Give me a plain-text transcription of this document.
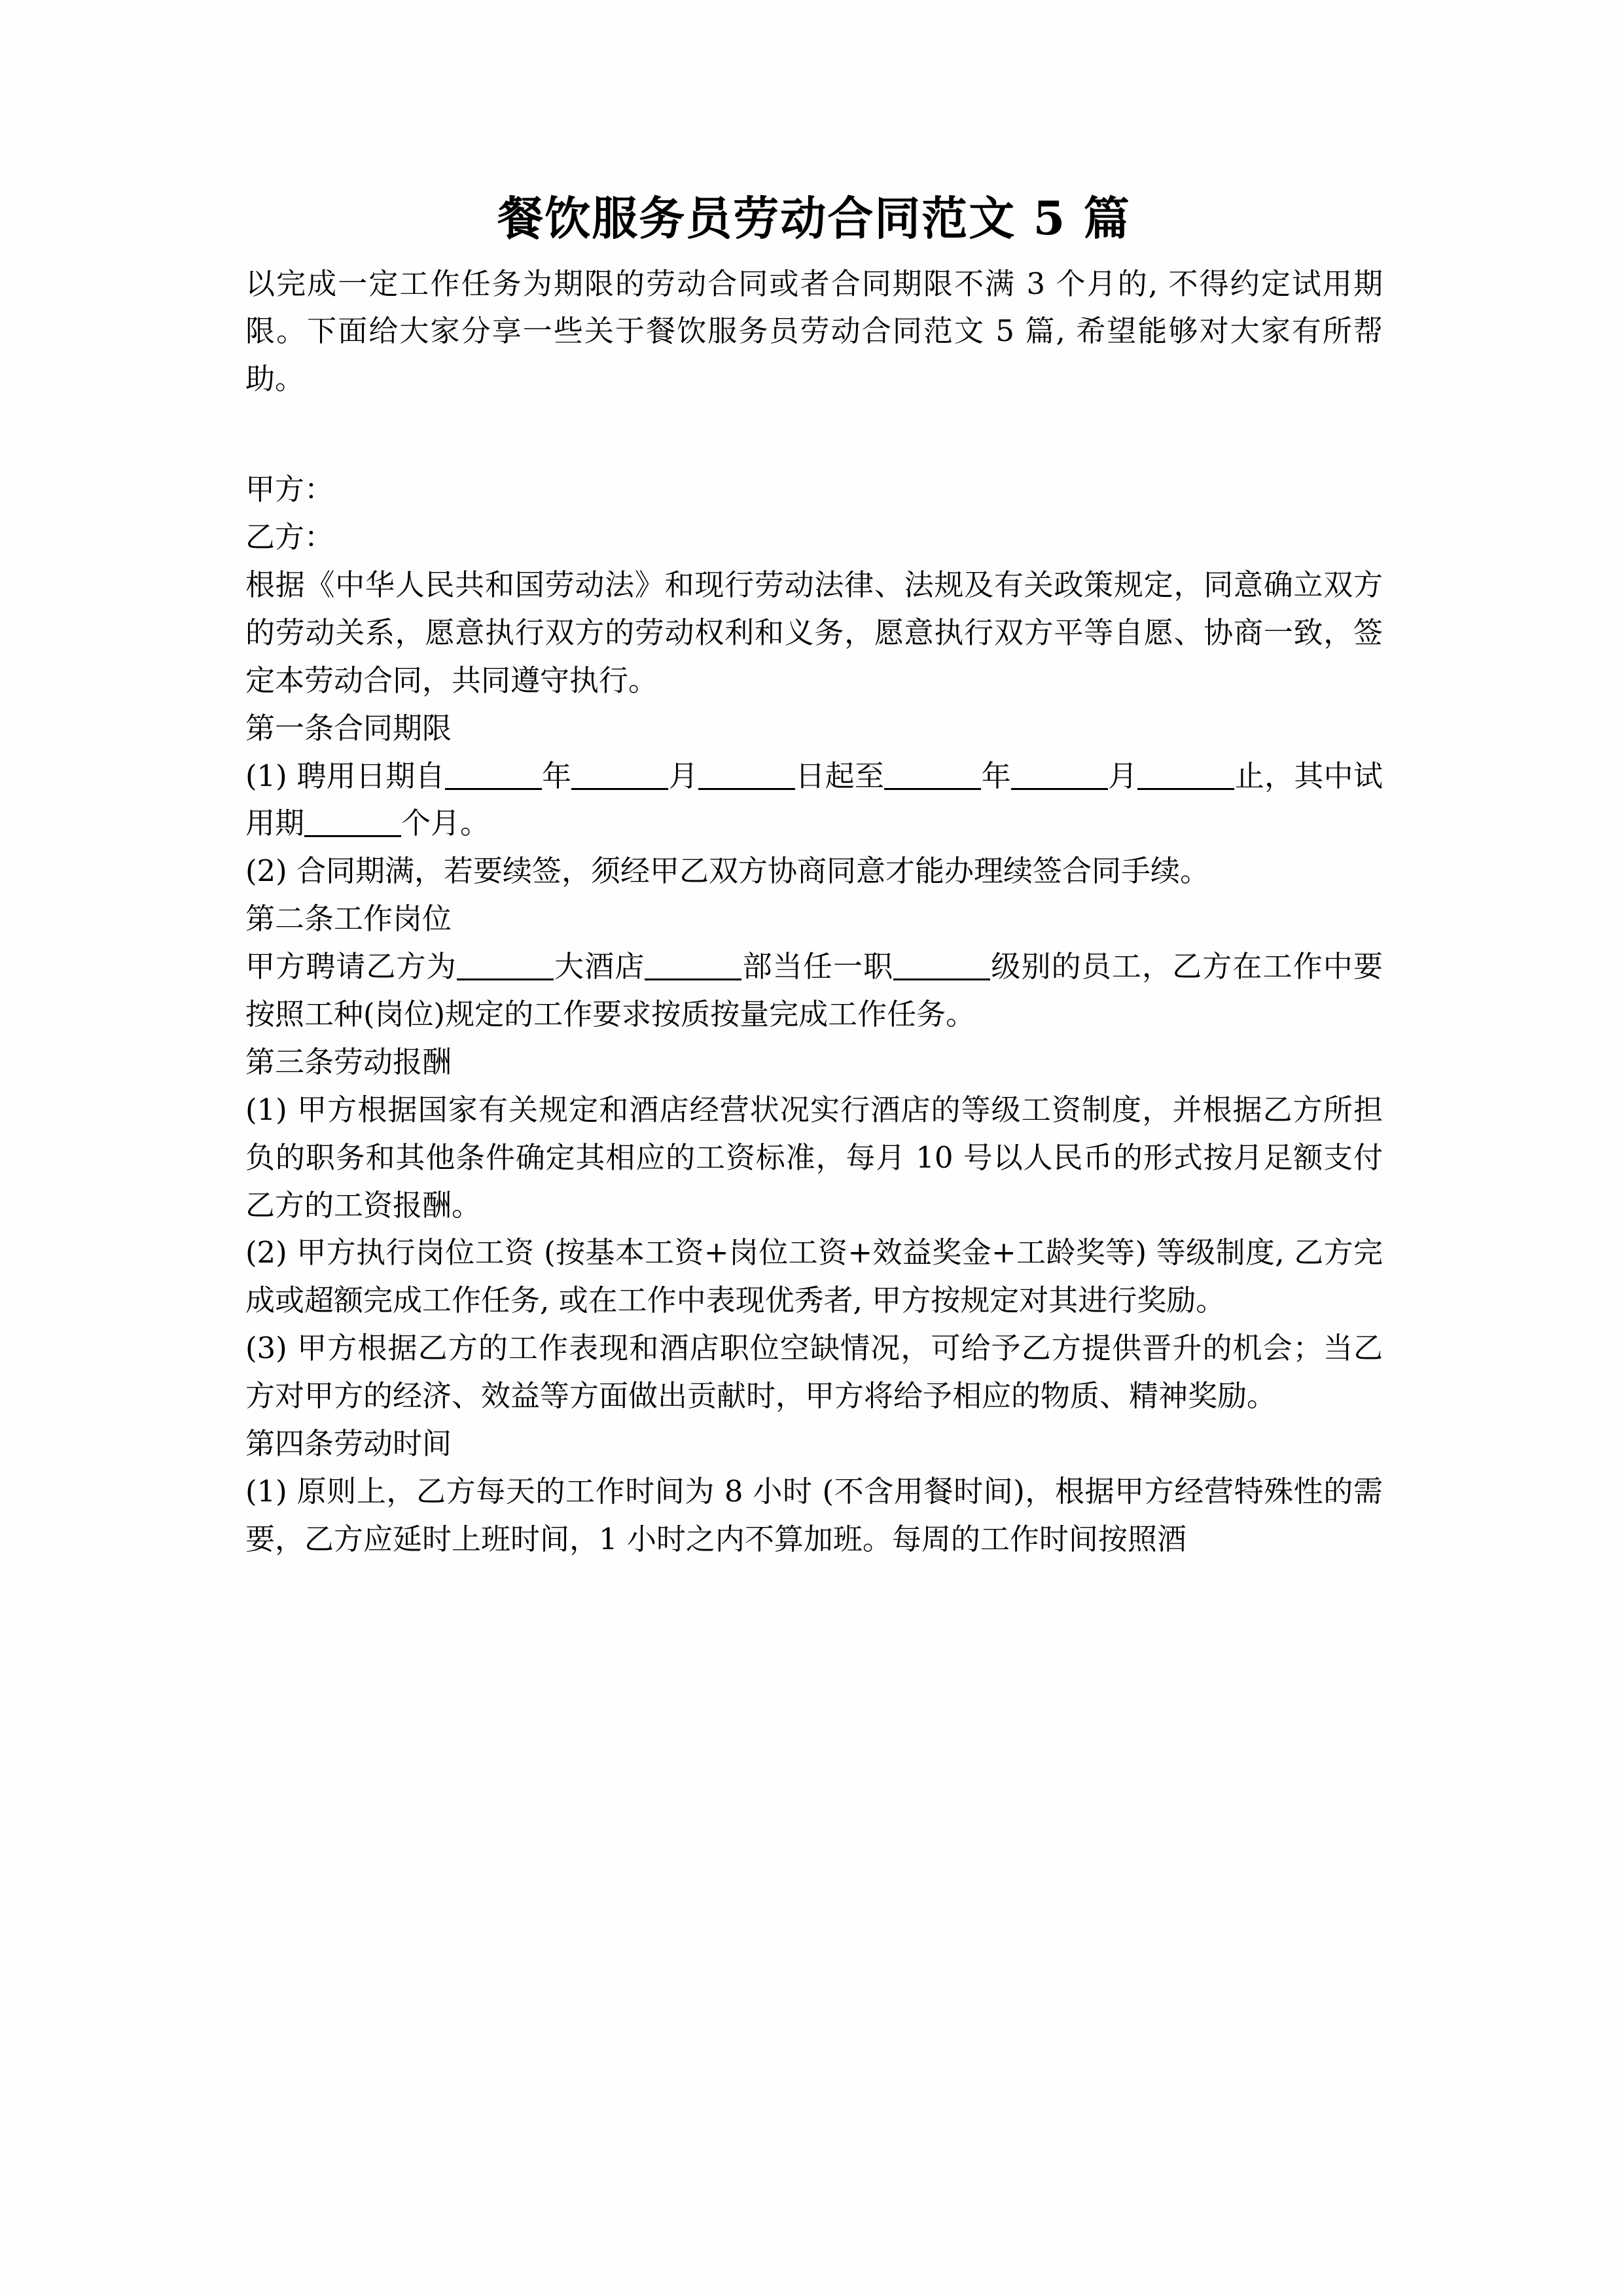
餐饮服务员劳动合同范文 5 篇

以完成一定工作任务为期限的劳动合同或者合同期限不满 3 个月的, 不得约定试用期限。下面给大家分享一些关于餐饮服务员劳动合同范文 5 篇, 希望能够对大家有所帮助。

甲方：

乙方：

根据《中华人民共和国劳动法》和现行劳动法律、法规及有关政策规定，同意确立双方的劳动关系，愿意执行双方的劳动权利和义务，愿意执行双方平等自愿、协商一致，签定本劳动合同，共同遵守执行。

第一条合同期限

(1) 聘用日期自	年	月	日起至	年	月	止，其中试用期	个月。

(2) 合同期满，若要续签，须经甲乙双方协商同意才能办理续签合同手续。

第二条工作岗位

甲方聘请乙方为	大酒店	部当任一职	级别的员工，乙方在工作中要按照工种(岗位)规定的工作要求按质按量完成工作任务。

第三条劳动报酬

(1) 甲方根据国家有关规定和酒店经营状况实行酒店的等级工资制度，并根据乙方所担负的职务和其他条件确定其相应的工资标准，每月 10 号以人民币的形式按月足额支付乙方的工资报酬。

(2) 甲方执行岗位工资 (按基本工资+岗位工资+效益奖金+工龄奖等) 等级制度, 乙方完成或超额完成工作任务, 或在工作中表现优秀者, 甲方按规定对其进行奖励。

(3) 甲方根据乙方的工作表现和酒店职位空缺情况，可给予乙方提供晋升的机会；当乙方对甲方的经济、效益等方面做出贡献时，甲方将给予相应的物质、精神奖励。

第四条劳动时间

(1) 原则上，乙方每天的工作时间为 8 小时 (不含用餐时间)，根据甲方经营特殊性的需要，乙方应延时上班时间，1 小时之内不算加班。每周的工作时间按照酒
